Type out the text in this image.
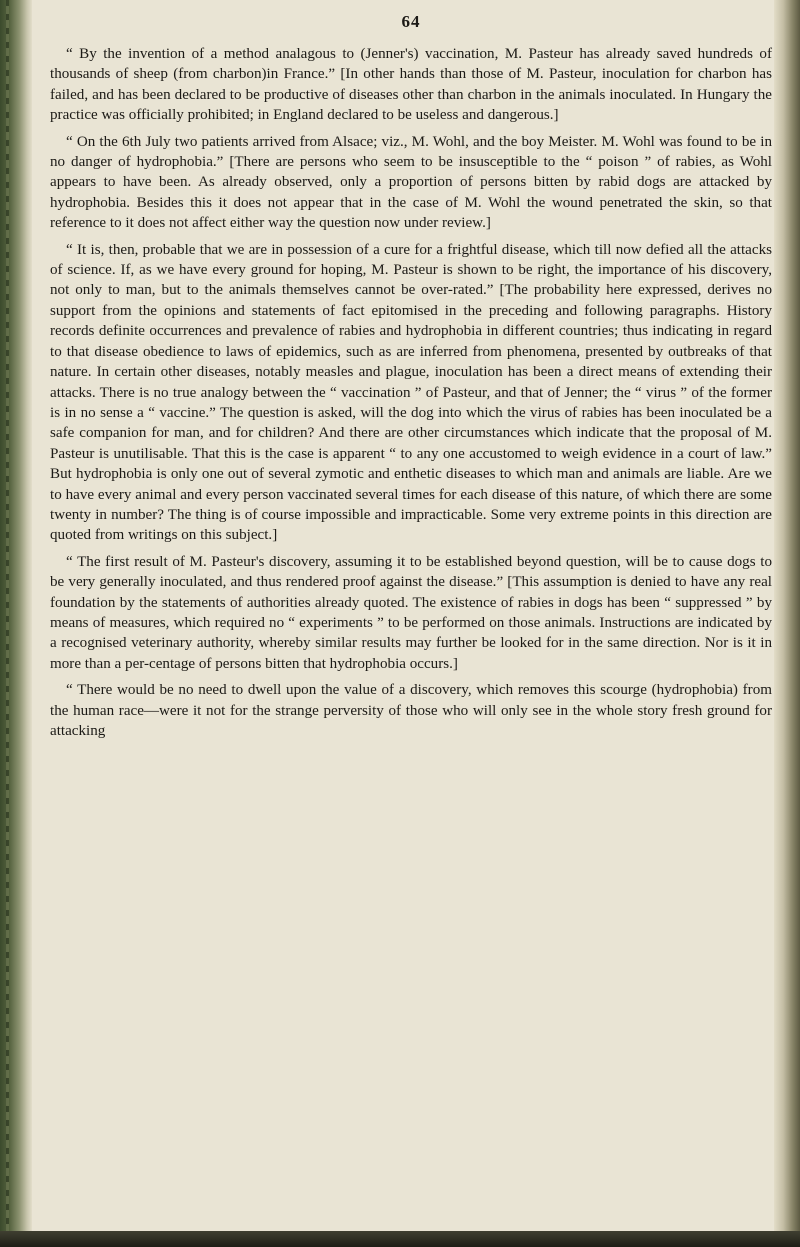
64

“ By the invention of a method analagous to (Jenner's) vaccination, M. Pasteur has already saved hundreds of thousands of sheep (from charbon)in France.” [In other hands than those of M. Pasteur, inoculation for charbon has failed, and has been declared to be productive of diseases other than charbon in the animals inoculated. In Hungary the practice was officially prohibited; in England declared to be useless and dangerous.]

“ On the 6th July two patients arrived from Alsace; viz., M. Wohl, and the boy Meister. M. Wohl was found to be in no danger of hydrophobia.” [There are persons who seem to be insusceptible to the “ poison ” of rabies, as Wohl appears to have been. As already observed, only a proportion of persons bitten by rabid dogs are attacked by hydrophobia. Besides this it does not appear that in the case of M. Wohl the wound penetrated the skin, so that reference to it does not affect either way the question now under review.]

“ It is, then, probable that we are in possession of a cure for a frightful disease, which till now defied all the attacks of science. If, as we have every ground for hoping, M. Pasteur is shown to be right, the importance of his discovery, not only to man, but to the animals themselves cannot be over-rated.” [The probability here expressed, derives no support from the opinions and statements of fact epitomised in the preceding and following paragraphs. History records definite occurrences and prevalence of rabies and hydrophobia in different countries; thus indicating in regard to that disease obedience to laws of epidemics, such as are inferred from phenomena, presented by outbreaks of that nature. In certain other diseases, notably measles and plague, inoculation has been a direct means of extending their attacks. There is no true analogy between the “ vaccination ” of Pasteur, and that of Jenner; the “ virus ” of the former is in no sense a “ vaccine.” The question is asked, will the dog into which the virus of rabies has been inoculated be a safe companion for man, and for children? And there are other circumstances which indicate that the proposal of M. Pasteur is unutilisable. That this is the case is apparent “ to any one accustomed to weigh evidence in a court of law.” But hydrophobia is only one out of several zymotic and enthetic diseases to which man and animals are liable. Are we to have every animal and every person vaccinated several times for each disease of this nature, of which there are some twenty in number? The thing is of course impossible and impracticable. Some very extreme points in this direction are quoted from writings on this subject.]

“ The first result of M. Pasteur's discovery, assuming it to be established beyond question, will be to cause dogs to be very generally inoculated, and thus rendered proof against the disease.” [This assumption is denied to have any real foundation by the statements of authorities already quoted. The existence of rabies in dogs has been “ suppressed ” by means of measures, which required no “ experiments ” to be performed on those animals. Instructions are indicated by a recognised veterinary authority, whereby similar results may further be looked for in the same direction. Nor is it in more than a per-centage of persons bitten that hydrophobia occurs.]

“ There would be no need to dwell upon the value of a discovery, which removes this scourge (hydrophobia) from the human race—were it not for the strange perversity of those who will only see in the whole story fresh ground for attacking
